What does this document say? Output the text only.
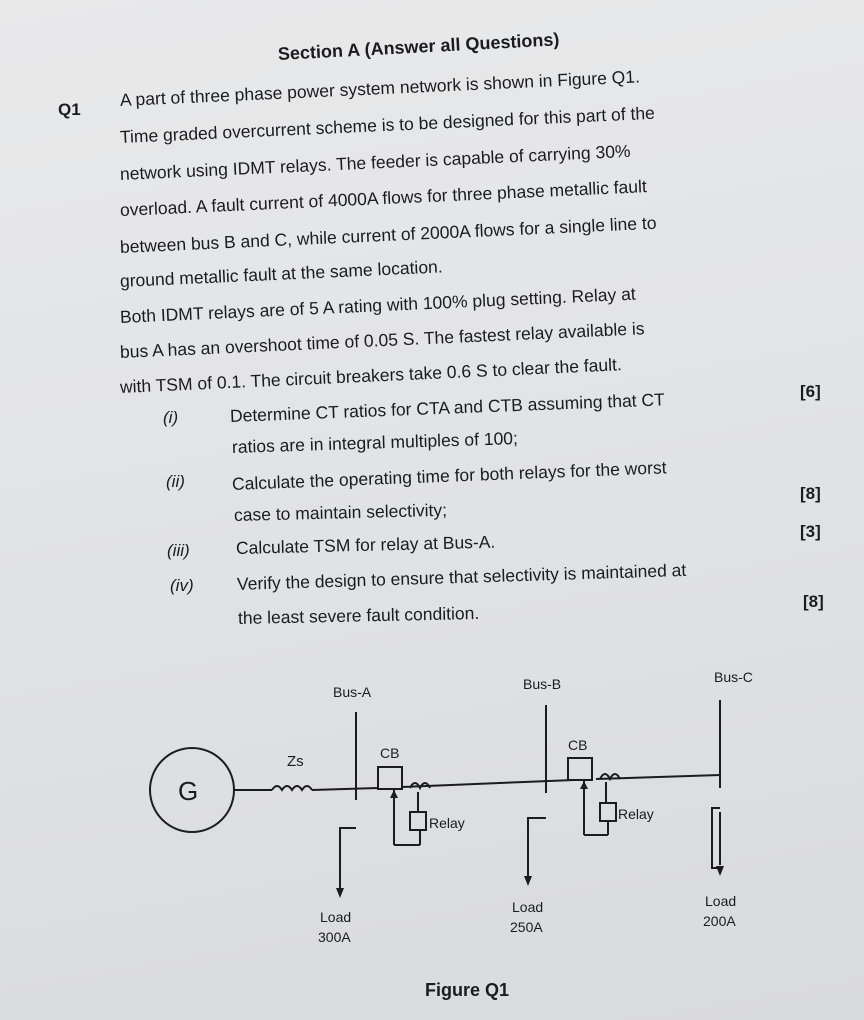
Section A (Answer all Questions)
Q1 A part of three phase power system network is shown in Figure Q1.
Time graded overcurrent scheme is to be designed for this part of the
network using IDMT relays. The feeder is capable of carrying 30%
overload. A fault current of 4000A flows for three phase metallic fault
between bus B and C, while current of 2000A flows for a single line to
ground metallic fault at the same location.
Both IDMT relays are of 5 A rating with 100% plug setting. Relay at
bus A has an overshoot time of 0.05 S. The fastest relay available is
with TSM of 0.1. The circuit breakers take 0.6 S to clear the fault.
(i)	Determine CT ratios for CTA and CTB assuming that CT
ratios are in integral multiples of 100;
[6]
(ii)	Calculate the operating time for both relays for the worst
case to maintain selectivity;
[8]
(iii)	Calculate TSM for relay at Bus-A.
[3]
(iv) Verify the design to ensure that selectivity is maintained at
the least severe fault condition.
[8]
G
Zs
Bus-A	Bus-B	Bus-C
CB	CB
Relay
Relay
Load
300A
Load
250A
Load
200A
Figure Q1
